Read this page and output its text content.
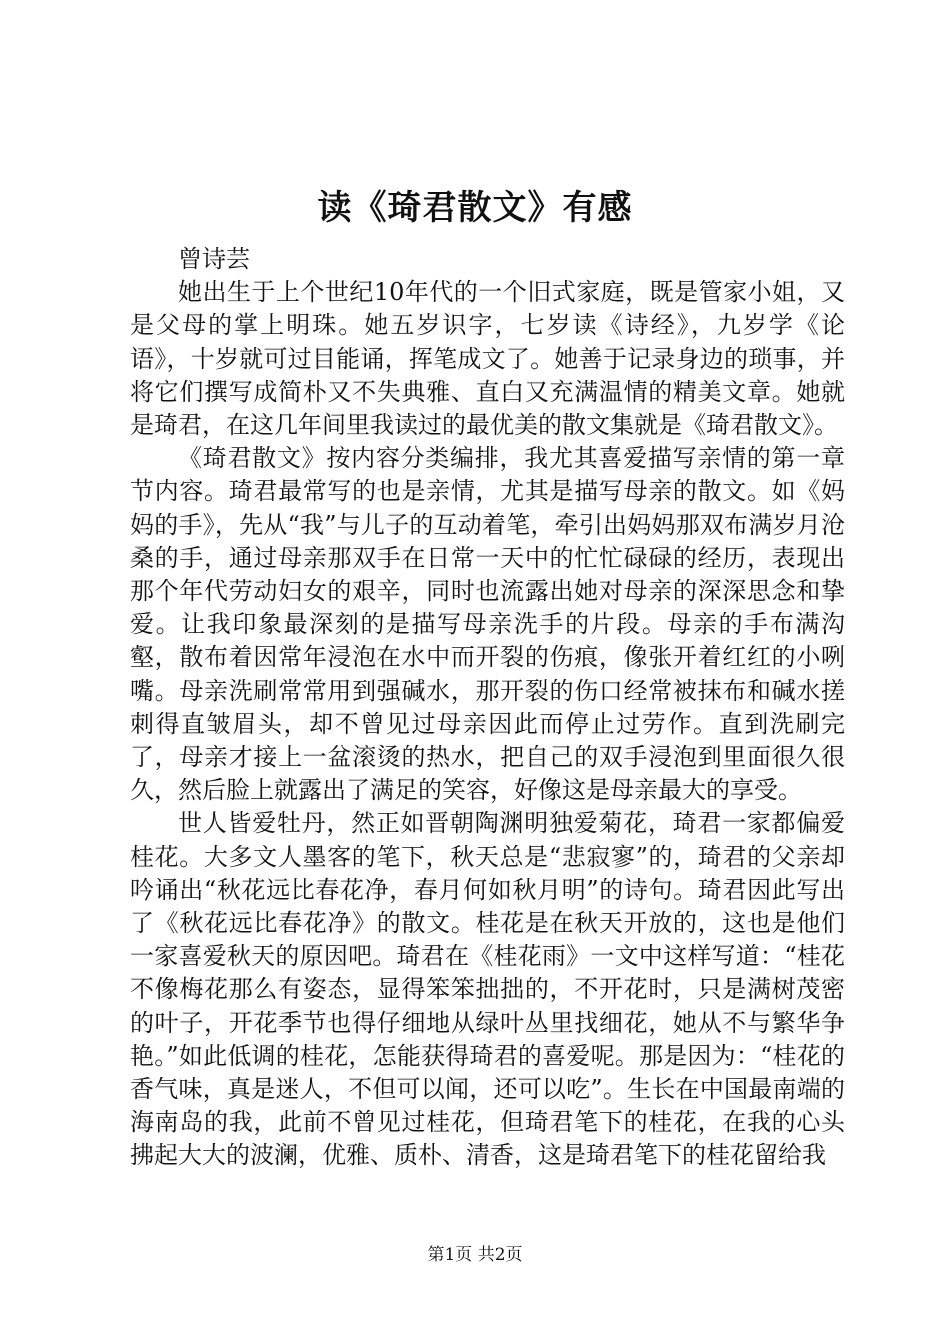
读《琦君散文》有感

曾诗芸

她出生于上个世纪10年代的一个旧式家庭，既是管家小姐，又是父母的掌上明珠。她五岁识字，七岁读《诗经》，九岁学《论语》，十岁就可过目能诵，挥笔成文了。她善于记录身边的琐事，并将它们撰写成简朴又不失典雅、直白又充满温情的精美文章。她就是琦君，在这几年间里我读过的最优美的散文集就是《琦君散文》。

《琦君散文》按内容分类编排，我尤其喜爱描写亲情的第一章节内容。琦君最常写的也是亲情，尤其是描写母亲的散文。如《妈妈的手》，先从“我”与儿子的互动着笔，牵引出妈妈那双布满岁月沧桑的手，通过母亲那双手在日常一天中的忙忙碌碌的经历，表现出那个年代劳动妇女的艰辛，同时也流露出她对母亲的深深思念和挚爱。让我印象最深刻的是描写母亲洗手的片段。母亲的手布满沟壑，散布着因常年浸泡在水中而开裂的伤痕，像张开着红红的小咧嘴。母亲洗刷常常用到强碱水，那开裂的伤口经常被抹布和碱水搓刺得直皱眉头，却不曾见过母亲因此而停止过劳作。直到洗刷完了，母亲才接上一盆滚烫的热水，把自己的双手浸泡到里面很久很久，然后脸上就露出了满足的笑容，好像这是母亲最大的享受。

世人皆爱牡丹，然正如晋朝陶渊明独爱菊花，琦君一家都偏爱桂花。大多文人墨客的笔下，秋天总是“悲寂寥”的，琦君的父亲却吟诵出“秋花远比春花净，春月何如秋月明”的诗句。琦君因此写出了《秋花远比春花净》的散文。桂花是在秋天开放的，这也是他们一家喜爱秋天的原因吧。琦君在《桂花雨》一文中这样写道：“桂花不像梅花那么有姿态，显得笨笨拙拙的，不开花时，只是满树茂密的叶子，开花季节也得仔细地从绿叶丛里找细花，她从不与繁华争艳。”如此低调的桂花，怎能获得琦君的喜爱呢。那是因为：“桂花的香气味，真是迷人，不但可以闻，还可以吃”。生长在中国最南端的海南岛的我，此前不曾见过桂花，但琦君笔下的桂花，在我的心头拂起大大的波澜，优雅、质朴、清香，这是琦君笔下的桂花留给我

第1页 共2页
